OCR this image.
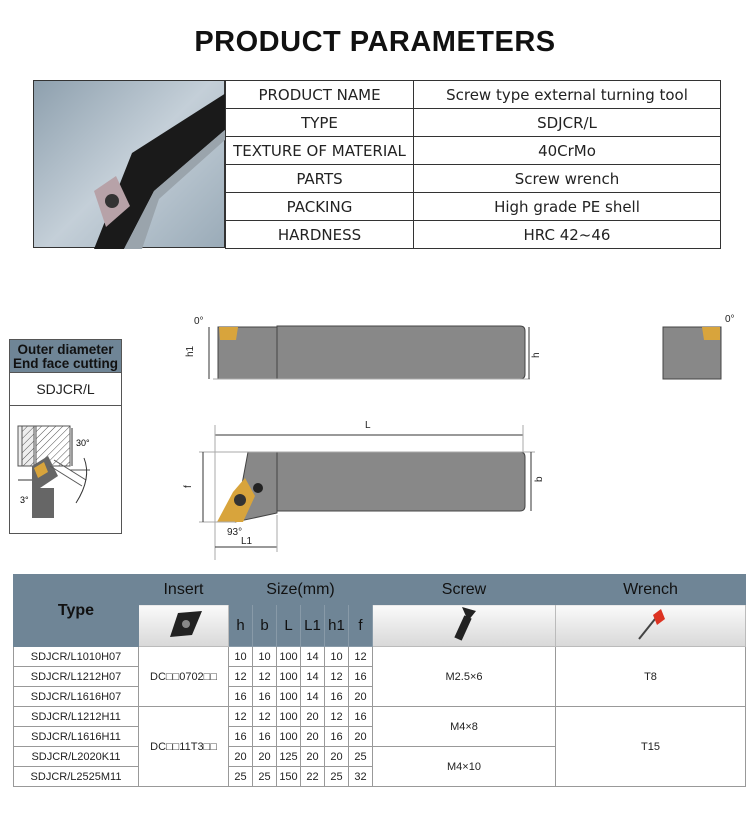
PRODUCT PARAMETERS
PRODUCT NAME	Screw type external turning tool
TYPE	SDJCR/L
TEXTURE OF MATERIAL	40CrMo
PARTS	Screw wrench
PACKING	High grade PE shell
HARDNESS	HRC 42~46
Outer diameter
End face cutting
SDJCR/L
30°
3°
0°
h1	h
L
f
b
93°
L1
0°
Type	Insert	Size(mm)						Screw	Wrench
	h	b	L	L1	h1	f		
SDJCR/L1010H07	DC□□0702□□	10	10	100	14	10	12	M2.5×6	T8
SDJCR/L1212H07		12	12	100	14	12	16		
SDJCR/L1616H07		16	16	100	14	16	20		
SDJCR/L1212H11	DC□□11T3□□	12	12	100	20	12	16	M4×8	T15
SDJCR/L1616H11		16	16	100	20	16	20		
SDJCR/L2020K11		20	20	125	20	20	25	M4×10	
SDJCR/L2525M11		25	25	150	22	25	32		
